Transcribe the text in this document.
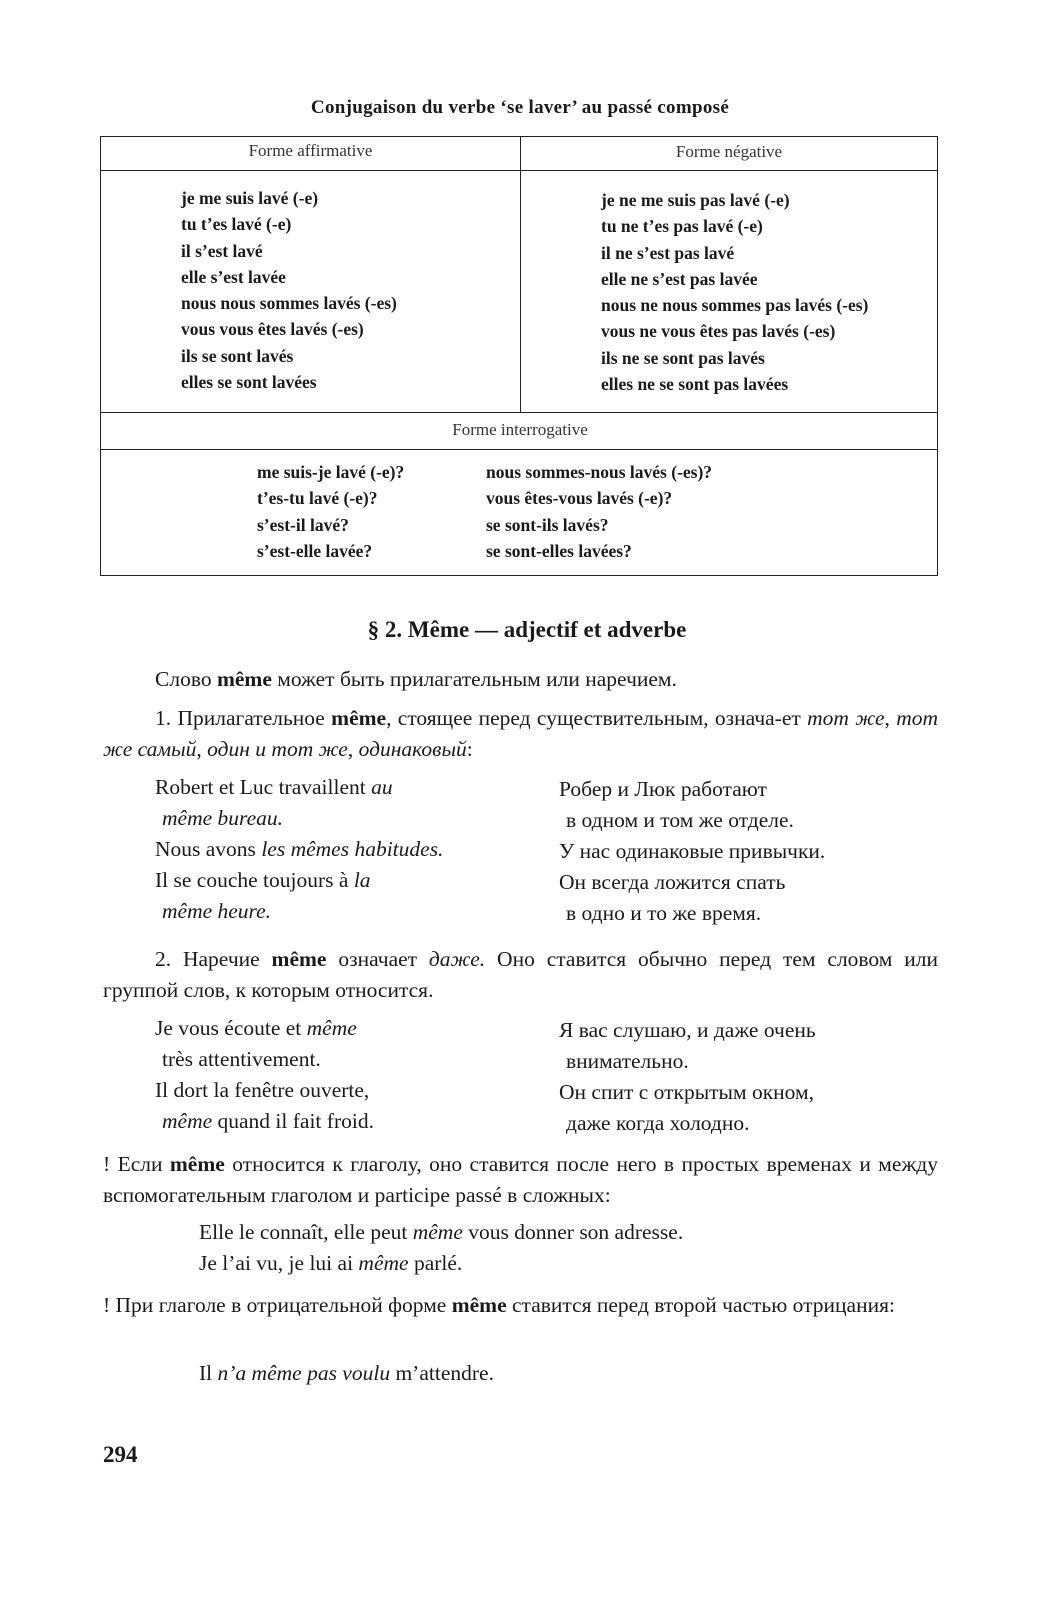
Conjugaison du verbe ‘se laver’ au passé composé
Forme affirmative	Forme négative
Forme interrogative
je me suis lavé (-e)
tu t’es lavé (-e)
il s’est lavé
elle s’est lavée
nous nous sommes lavés (-es)
vous vous êtes lavés (-es)
ils se sont lavés
elles se sont lavées
je ne me suis pas lavé (-e)
tu ne t’es pas lavé (-e)
il ne s’est pas lavé
elle ne s’est pas lavée
nous ne nous sommes pas lavés (-es)
vous ne vous êtes pas lavés (-es)
ils ne se sont pas lavés
elles ne se sont pas lavées
me suis-je lavé (-e)?
t’es-tu lavé (-e)?
s’est-il lavé?
s’est-elle lavée?
nous sommes-nous lavés (-es)?
vous êtes-vous lavés (-e)?
se sont-ils lavés?
se sont-elles lavées?
§ 2. Même — adjectif et adverbe
Слово même может быть прилагательным или наречием.
1. Прилагательное même, стоящее перед существительным, означа-ет тот же, тот же самый, один и тот же, одинаковый:
Robert et Luc travaillent au
même bureau.
Nous avons les mêmes habitudes.
Il se couche toujours à la
même heure.
Робер и Люк работают
в одном и том же отделе.
У нас одинаковые привычки.
Он всегда ложится спать
в одно и то же время.
2. Наречие même означает даже. Оно ставится обычно перед тем словом или группой слов, к которым относится.
Je vous écoute et même
très attentivement.
Il dort la fenêtre ouverte,
même quand il fait froid.
Я вас слушаю, и даже очень
внимательно.
Он спит с открытым окном,
даже когда холодно.
! Если même относится к глаголу, оно ставится после него в простых временах и между вспомогательным глаголом и participe passé в сложных:
Elle le connaît, elle peut même vous donner son adresse.
Je l’ai vu, je lui ai même parlé.
! При глаголе в отрицательной форме même ставится перед второй частью отрицания:
Il n’a même pas voulu m’attendre.
294
